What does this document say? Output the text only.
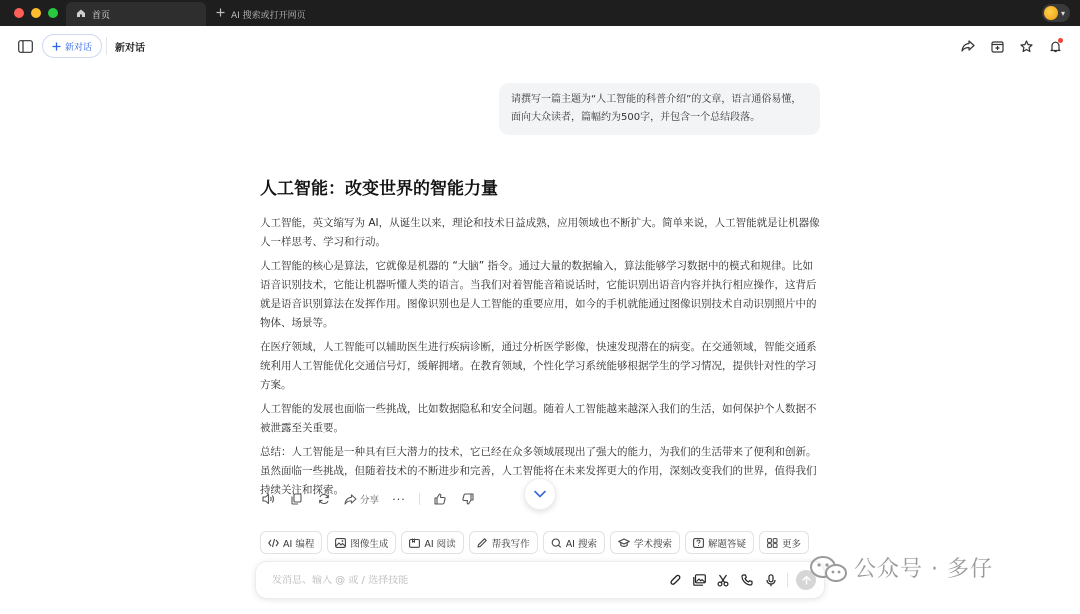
首页	AI 搜索或打开网页	▾
新对话 新对话
请撰写一篇主题为“人工智能的科普介绍”的文章，语言通俗易懂，面向大众读者，篇幅约为500字，并包含一个总结段落。
人工智能：改变世界的智能力量

人工智能，英文缩写为 AI，从诞生以来，理论和技术日益成熟，应用领域也不断扩大。简单来说，人工智能就是让机器像人一样思考、学习和行动。

人工智能的核心是算法，它就像是机器的 “大脑” 指令。通过大量的数据输入，算法能够学习数据中的模式和规律。比如语音识别技术，它能让机器听懂人类的语言。当我们对着智能音箱说话时，它能识别出语音内容并执行相应操作，这背后就是语音识别算法在发挥作用。图像识别也是人工智能的重要应用，如今的手机就能通过图像识别技术自动识别照片中的物体、场景等。

在医疗领域，人工智能可以辅助医生进行疾病诊断，通过分析医学影像，快速发现潜在的病变。在交通领域，智能交通系统利用人工智能优化交通信号灯，缓解拥堵。在教育领域，个性化学习系统能够根据学生的学习情况，提供针对性的学习方案。

人工智能的发展也面临一些挑战，比如数据隐私和安全问题。随着人工智能越来越深入我们的生活，如何保护个人数据不被泄露至关重要。

总结：人工智能是一种具有巨大潜力的技术，它已经在众多领域展现出了强大的能力，为我们的生活带来了便利和创新。虽然面临一些挑战，但随着技术的不断进步和完善，人工智能将在未来发挥更大的作用，深刻改变我们的世界，值得我们持续关注和探索。

分享 ···
AI 编程	图像生成	AI 阅读	帮我写作	AI 搜索	学术搜索	解题答疑	更多
发消息、输入 @ 或 / 选择技能
公众号 · 多仔
